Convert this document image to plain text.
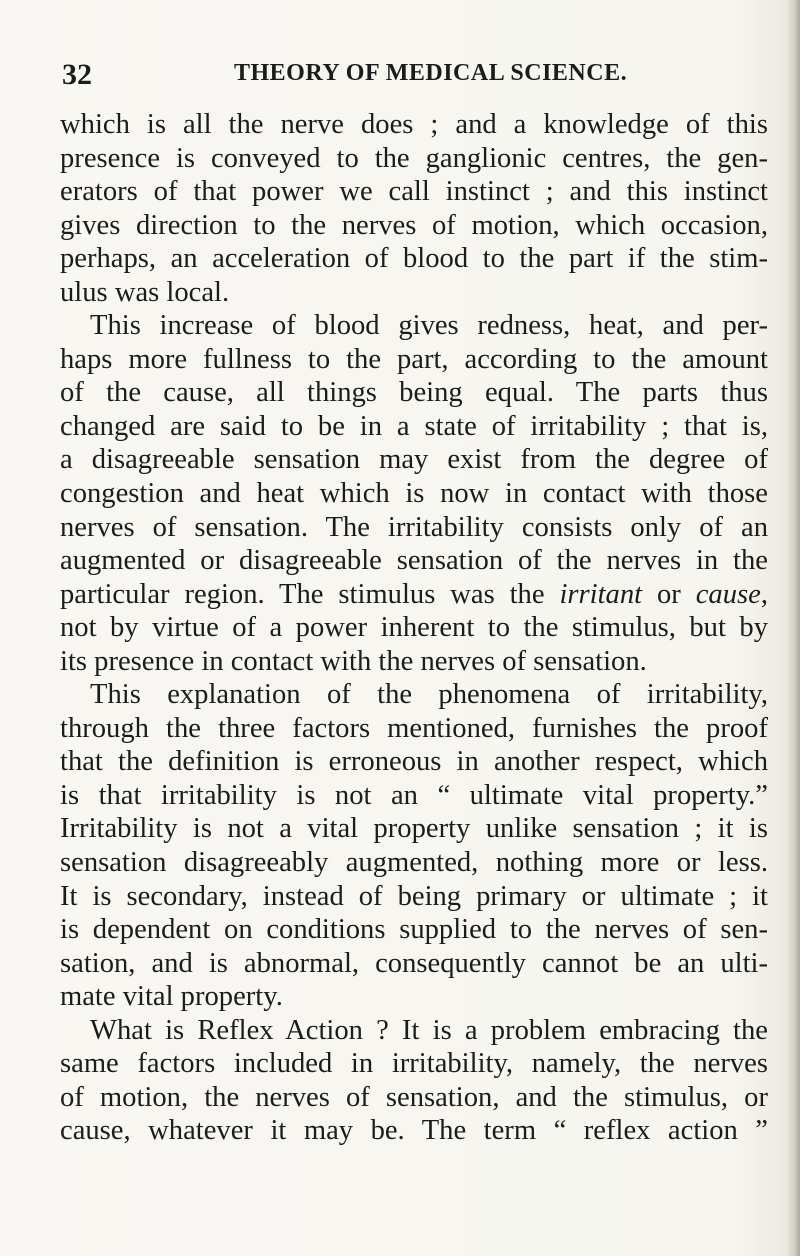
32	THEORY OF MEDICAL SCIENCE.
which is all the nerve does ; and a knowledge of this
presence is conveyed to the ganglionic centres, the gen-
erators of that power we call instinct ; and this instinct
gives direction to the nerves of motion, which occasion,
perhaps, an acceleration of blood to the part if the stim-
ulus was local.
This increase of blood gives redness, heat, and per-
haps more fullness to the part, according to the amount
of the cause, all things being equal. The parts thus
changed are said to be in a state of irritability ; that is,
a disagreeable sensation may exist from the degree of
congestion and heat which is now in contact with those
nerves of sensation. The irritability consists only of an
augmented or disagreeable sensation of the nerves in the
particular region. The stimulus was the irritant or cause,
not by virtue of a power inherent to the stimulus, but by
its presence in contact with the nerves of sensation.
This explanation of the phenomena of irritability,
through the three factors mentioned, furnishes the proof
that the definition is erroneous in another respect, which
is that irritability is not an “ ultimate vital property.”
Irritability is not a vital property unlike sensation ; it is
sensation disagreeably augmented, nothing more or less.
It is secondary, instead of being primary or ultimate ; it
is dependent on conditions supplied to the nerves of sen-
sation, and is abnormal, consequently cannot be an ulti-
mate vital property.
What is Reflex Action ? It is a problem embracing the
same factors included in irritability, namely, the nerves
of motion, the nerves of sensation, and the stimulus, or
cause, whatever it may be. The term “ reflex action ”
